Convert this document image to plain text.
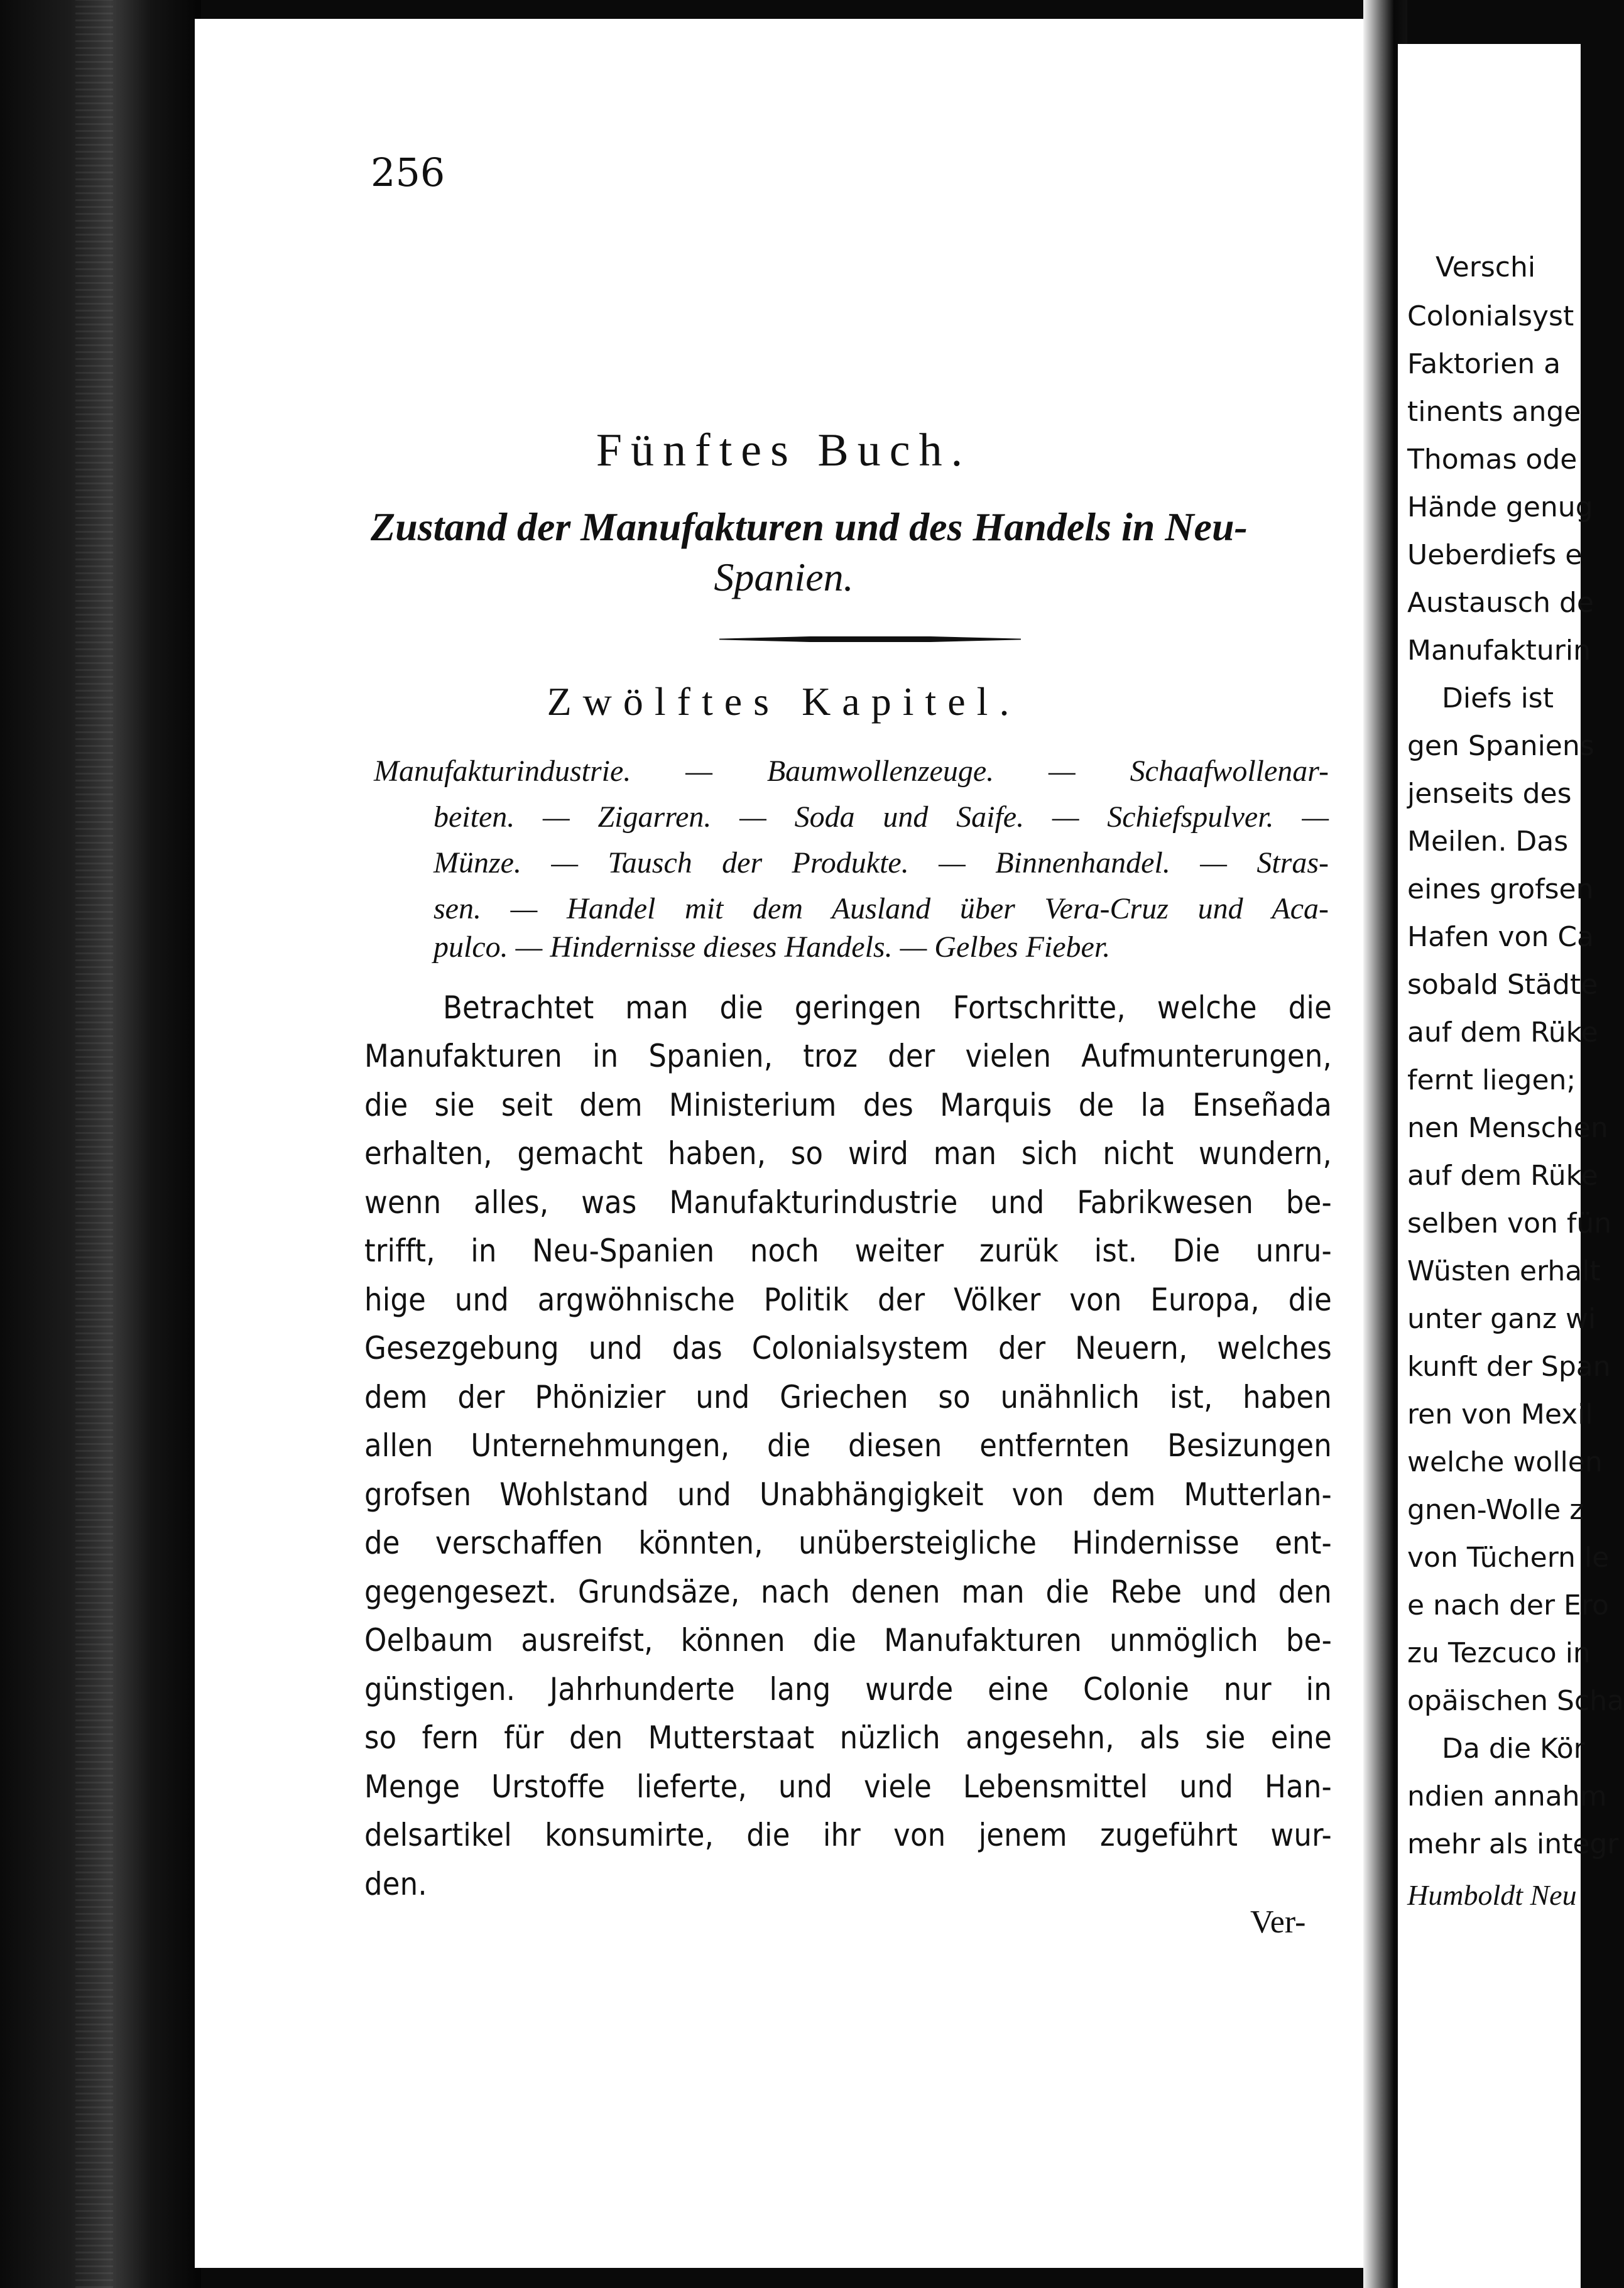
256
Fünftes Buch.
Zustand der Manufakturen und des Handels in Neu-
Spanien.
Zwölftes Kapitel.
Manufakturindustrie. — Baumwollenzeuge. — Schaafwollenar-
beiten. — Zigarren. — Soda und Saife. — Schiefspulver. —
Münze. — Tausch der Produkte. — Binnenhandel. — Stras-
sen. — Handel mit dem Ausland über Vera-Cruz und Aca-
pulco. — Hindernisse dieses Handels. — Gelbes Fieber.
Betrachtet man die geringen Fortschritte, welche die
Manufakturen in Spanien, troz der vielen Aufmunterungen,
die sie seit dem Ministerium des Marquis de la Enseñada
erhalten, gemacht haben, so wird man sich nicht wundern,
wenn alles, was Manufakturindustrie und Fabrikwesen be-
trifft, in Neu-Spanien noch weiter zurük ist. Die unru-
hige und argwöhnische Politik der Völker von Europa, die
Gesezgebung und das Colonialsystem der Neuern, welches
dem der Phönizier und Griechen so unähnlich ist, haben
allen Unternehmungen, die diesen entfernten Besizungen
grofsen Wohlstand und Unabhängigkeit von dem Mutterlan-
de verschaffen könnten, unübersteigliche Hindernisse ent-
gegengesezt. Grundsäze, nach denen man die Rebe und den
Oelbaum ausreifst, können die Manufakturen unmöglich be-
günstigen. Jahrhunderte lang wurde eine Colonie nur in
so fern für den Mutterstaat nüzlich angesehn, als sie eine
Menge Urstoffe lieferte, und viele Lebensmittel und Han-
delsartikel konsumirte, die ihr von jenem zugeführt wur-
den.
Ver-
Verschi
Colonialsyst
Faktorien a
tinents ange
Thomas ode
Hände genug
Ueberdiefs e
Austausch de
Manufakturin
Diefs ist
gen Spaniens
jenseits des
Meilen. Das
eines grofsen
Hafen von Ca
sobald Städte
auf dem Rüke
fernt liegen;
nen Menschen
auf dem Rüke
selben von fün
Wüsten erhalt
unter ganz wi
kunft der Span
ren von Mexil
welche wollen
gnen-Wolle z
von Tüchern le
e nach der Ero
zu Tezcuco in
opäischen Scha
Da die Kör
ndien annahm
mehr als integr
Humboldt Neu
